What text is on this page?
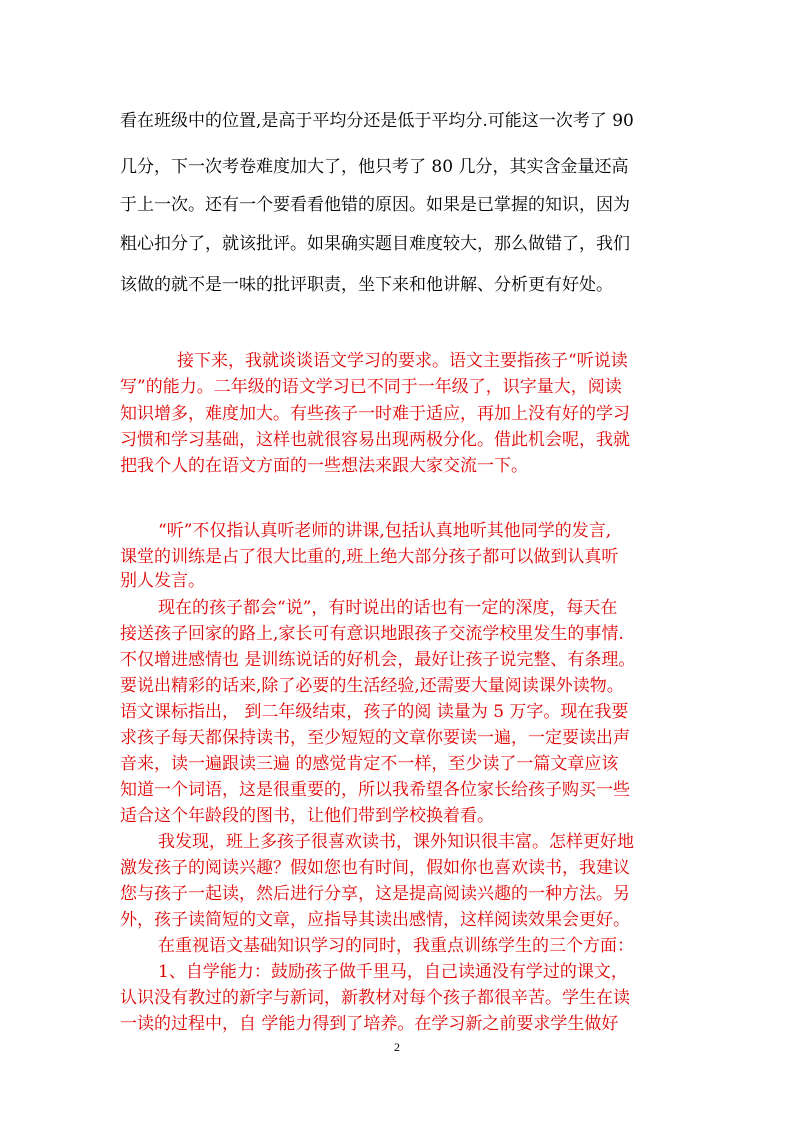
看在班级中的位置,是高于平均分还是低于平均分.可能这一次考了 90
几分，下一次考卷难度加大了，他只考了 80 几分，其实含金量还高
于上一次。还有一个要看看他错的原因。如果是已掌握的知识，因为
粗心扣分了，就该批评。如果确实题目难度较大，那么做错了，我们
该做的就不是一味的批评职责，坐下来和他讲解、分析更有好处。
接下来，我就谈谈语文学习的要求。语文主要指孩子“听说读
写”的能力。二年级的语文学习已不同于一年级了，识字量大，阅读
知识增多，难度加大。有些孩子一时难于适应，再加上没有好的学习
习惯和学习基础，这样也就很容易出现两极分化。借此机会呢，我就
把我个人的在语文方面的一些想法来跟大家交流一下。
“听”不仅指认真听老师的讲课,包括认真地听其他同学的发言,
课堂的训练是占了很大比重的,班上绝大部分孩子都可以做到认真听
别人发言。
现在的孩子都会“说”，有时说出的话也有一定的深度，每天在
接送孩子回家的路上,家长可有意识地跟孩子交流学校里发生的事情.
不仅增进感情也 是训练说话的好机会，最好让孩子说完整、有条理。
要说出精彩的话来,除了必要的生活经验,还需要大量阅读课外读物。
语文课标指出， 到二年级结束，孩子的阅 读量为 5 万字。现在我要
求孩子每天都保持读书，至少短短的文章你要读一遍，一定要读出声
音来，读一遍跟读三遍 的感觉肯定不一样，至少读了一篇文章应该
知道一个词语，这是很重要的，所以我希望各位家长给孩子购买一些
适合这个年龄段的图书，让他们带到学校换着看。
我发现，班上多孩子很喜欢读书，课外知识很丰富。怎样更好地
激发孩子的阅读兴趣？假如您也有时间，假如你也喜欢读书，我建议
您与孩子一起读，然后进行分享，这是提高阅读兴趣的一种方法。另
外，孩子读简短的文章，应指导其读出感情，这样阅读效果会更好。
在重视语文基础知识学习的同时，我重点训练学生的三个方面：
1、自学能力：鼓励孩子做千里马，自己读通没有学过的课文，
认识没有教过的新字与新词，新教材对每个孩子都很辛苦。学生在读
一读的过程中，自 学能力得到了培养。在学习新之前要求学生做好
2
